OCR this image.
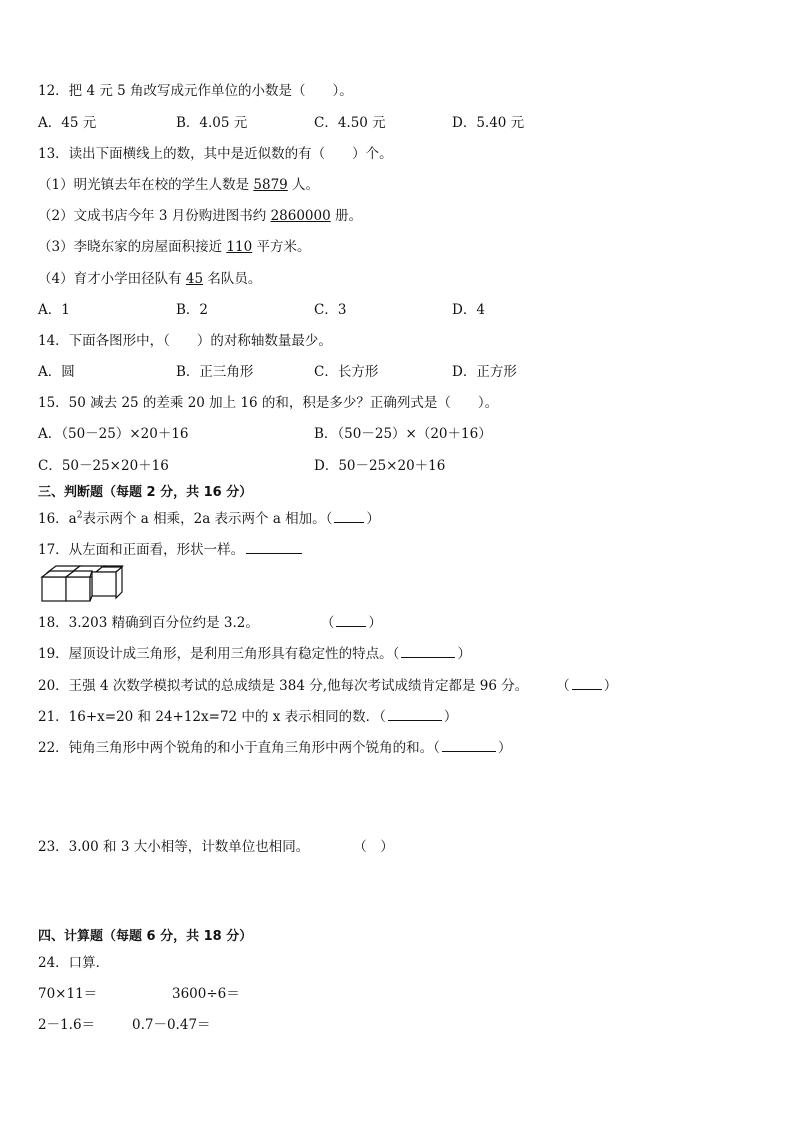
12．把 4 元 5 角改写成元作单位的小数是（　　）。
A．45 元	B．4.05 元	C．4.50 元	D．5.40 元
13．读出下面横线上的数，其中是近似数的有（　　）个。
（1）明光镇去年在校的学生人数是 5879 人。
（2）文成书店今年 3 月份购进图书约 2860000 册。
（3）李晓东家的房屋面积接近 110 平方米。
（4）育才小学田径队有 45 名队员。
A．1	B．2	C．3	D．4
14．下面各图形中，（　　）的对称轴数量最少。
A．圆	B．正三角形	C．长方形	D．正方形
15．50 减去 25 的差乘 20 加上 16 的和，积是多少？正确列式是（　　）。
A．（50－25）×20＋16	B．（50－25）×（20＋16）
C．50－25×20＋16	D．50－25×20＋16
三、判断题（每题 2 分，共 16 分）
16．$a^2$表示两个 a 相乘，2a 表示两个 a 相加。（	）
17．从左面和正面看，形状一样。
18．3.203 精确到百分位约是 3.2。	（	）
19．屋顶设计成三角形，是利用三角形具有稳定性的特点。（	）
20．王强 4 次数学模拟考试的总成绩是 384 分,他每次考试成绩肯定都是 96 分。 （	）
21．16+x=20 和 24+12x=72 中的 x 表示相同的数．（	）
22．钝角三角形中两个锐角的和小于直角三角形中两个锐角的和。（	）
23．3.00 和 3 大小相等，计数单位也相同。	（　）
四、计算题（每题 6 分，共 18 分）
24．口算．
70×11＝	3600÷6＝
2－1.6＝	0.7－0.47＝
